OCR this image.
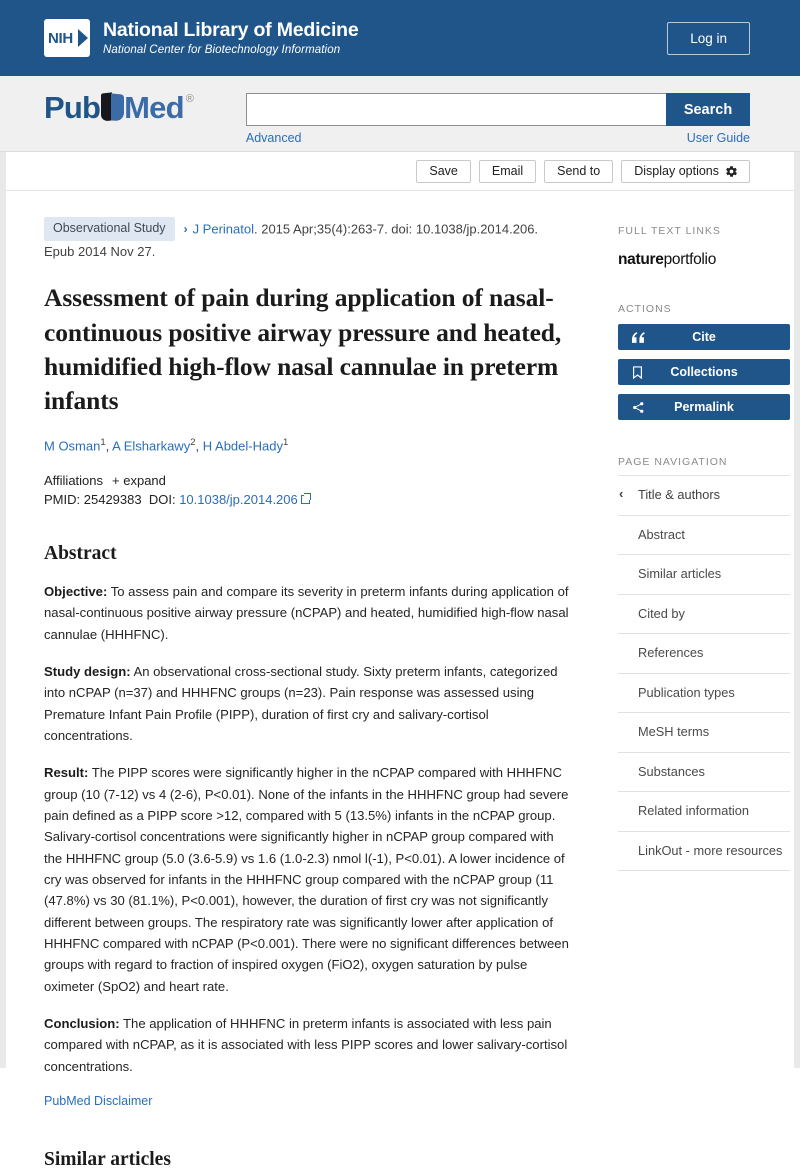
NIH National Library of Medicine
National Center for Biotechnology Information
Log in
Pub Med ®
Search
Advanced	User Guide
Save	Email	Send to	Display options
Observational Study › J Perinatol. 2015 Apr;35(4):263-7. doi: 10.1038/jp.2014.206.
Epub 2014 Nov 27.
Assessment of pain during application of nasal-continuous positive airway pressure and heated, humidified high-flow nasal cannulae in preterm infants
M Osman$^1$, A Elsharkawy$^2$, H Abdel-Hady$^1$
Affiliations + expand
PMID: 25429383 DOI: 10.1038/jp.2014.206
Abstract

Objective: To assess pain and compare its severity in preterm infants during application of nasal-continuous positive airway pressure (nCPAP) and heated, humidified high-flow nasal cannulae (HHHFNC).

Study design: An observational cross-sectional study. Sixty preterm infants, categorized into nCPAP (n=37) and HHHFNC groups (n=23). Pain response was assessed using Premature Infant Pain Profile (PIPP), duration of first cry and salivary-cortisol concentrations.

Result: The PIPP scores were significantly higher in the nCPAP compared with HHHFNC group (10 (7-12) vs 4 (2-6), P<0.01). None of the infants in the HHHFNC group had severe pain defined as a PIPP score >12, compared with 5 (13.5%) infants in the nCPAP group. Salivary-cortisol concentrations were significantly higher in nCPAP group compared with the HHHFNC group (5.0 (3.6-5.9) vs 1.6 (1.0-2.3) nmol l(-1), P<0.01). A lower incidence of cry was observed for infants in the HHHFNC group compared with the nCPAP group (11 (47.8%) vs 30 (81.1%), P<0.001), however, the duration of first cry was not significantly different between groups. The respiratory rate was significantly lower after application of HHHFNC compared with nCPAP (P<0.001). There were no significant differences between groups with regard to fraction of inspired oxygen (FiO2), oxygen saturation by pulse oximeter (SpO2) and heart rate.

Conclusion: The application of HHHFNC in preterm infants is associated with less pain compared with nCPAP, as it is associated with less PIPP scores and lower salivary-cortisol concentrations.

PubMed Disclaimer
Similar articles
FULL TEXT LINKS
natureportfolio
ACTIONS
Cite
Collections
Permalink
PAGE NAVIGATION
‹ Title & authors
Abstract
Similar articles
Cited by
References
Publication types
MeSH terms
Substances
Related information
LinkOut - more resources
